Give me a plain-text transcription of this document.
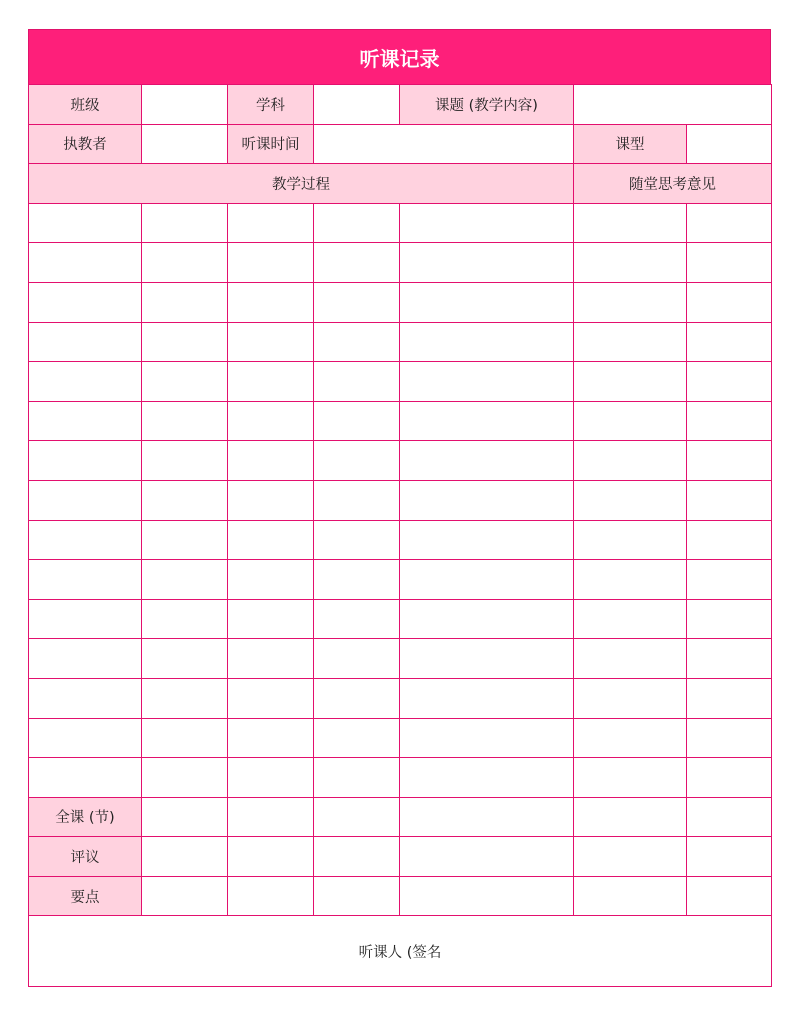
听课记录
班级		学科		课题 (教学内容)		
执教者		听课时间			课型	
教学过程					随堂思考意见	

全课 (节)						
评议						
要点						
听课人 (签名						
